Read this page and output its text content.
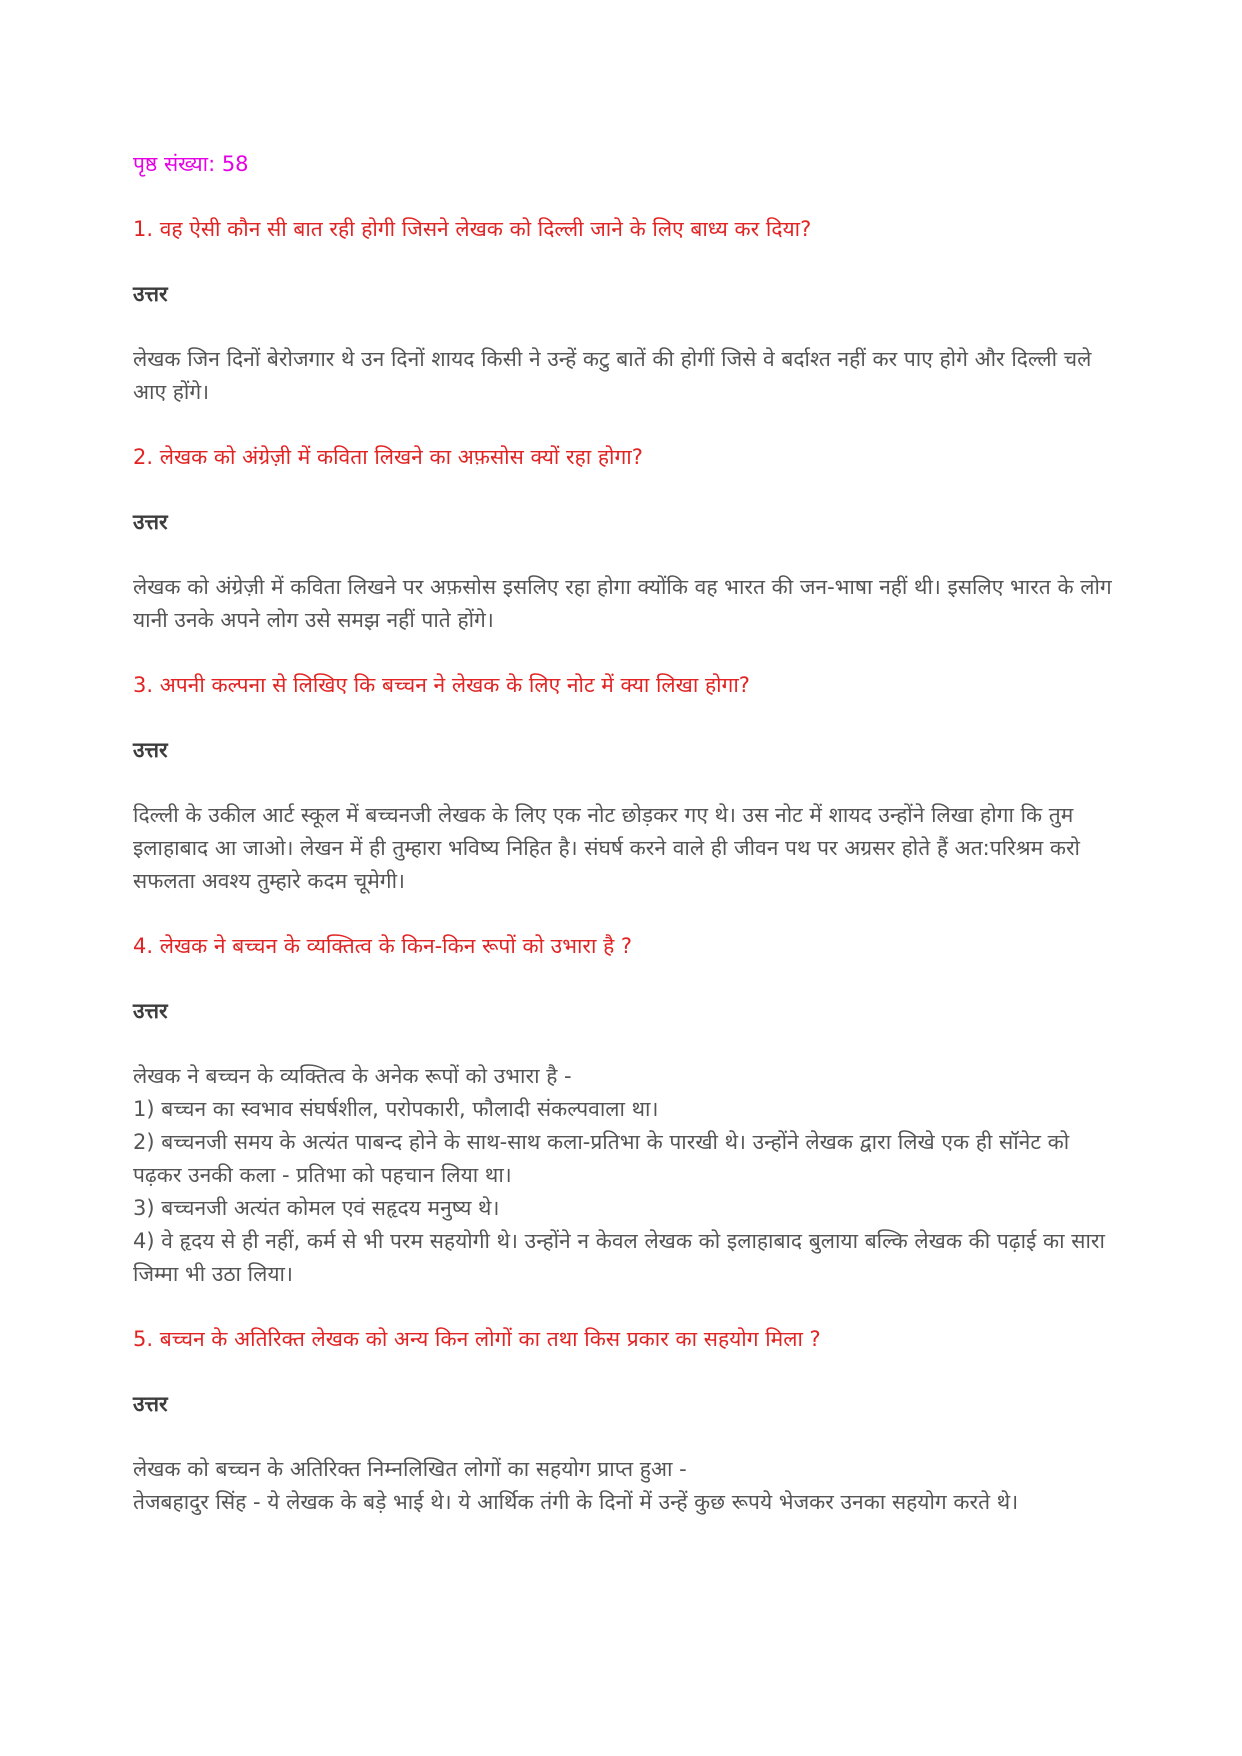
पृष्ठ संख्या: 58

1. वह ऐसी कौन सी बात रही होगी जिसने लेखक को दिल्ली जाने के लिए बाध्य कर दिया?

उत्तर

लेखक जिन दिनों बेरोजगार थे उन दिनों शायद किसी ने उन्हें कटु बातें की होगीं जिसे वे बर्दाश्त नहीं कर पाए होगे और दिल्ली चले आए होंगे।

2. लेखक को अंग्रेज़ी में कविता लिखने का अफ़सोस क्यों रहा होगा?

उत्तर

लेखक को अंग्रेज़ी में कविता लिखने पर अफ़सोस इसलिए रहा होगा क्योंकि वह भारत की जन-भाषा नहीं थी। इसलिए भारत के लोग यानी उनके अपने लोग उसे समझ नहीं पाते होंगे।

3. अपनी कल्पना से लिखिए कि बच्चन ने लेखक के लिए नोट में क्या लिखा होगा?

उत्तर

दिल्ली के उकील आर्ट स्कूल में बच्चनजी लेखक के लिए एक नोट छोड़कर गए थे। उस नोट में शायद उन्होंने लिखा होगा कि तुम इलाहाबाद आ जाओ। लेखन में ही तुम्हारा भविष्य निहित है। संघर्ष करने वाले ही जीवन पथ पर अग्रसर होते हैं अत:परिश्रम करो सफलता अवश्य तुम्हारे कदम चूमेगी।

4. लेखक ने बच्चन के व्यक्तित्व के किन-किन रूपों को उभारा है ?

उत्तर

लेखक ने बच्चन के व्यक्तित्व के अनेक रूपों को उभारा है -
1) बच्चन का स्वभाव संघर्षशील, परोपकारी, फौलादी संकल्पवाला था।
2) बच्चनजी समय के अत्यंत पाबन्द होने के साथ-साथ कला-प्रतिभा के पारखी थे। उन्होंने लेखक द्वारा लिखे एक ही सॉनेट को पढ़कर उनकी कला - प्रतिभा को पहचान लिया था।
3) बच्चनजी अत्यंत कोमल एवं सहृदय मनुष्य थे।
4) वे हृदय से ही नहीं, कर्म से भी परम सहयोगी थे। उन्होंने न केवल लेखक को इलाहाबाद बुलाया बल्कि लेखक की पढ़ाई का सारा जिम्मा भी उठा लिया।

5. बच्चन के अतिरिक्त लेखक को अन्य किन लोगों का तथा किस प्रकार का सहयोग मिला ?

उत्तर

लेखक को बच्चन के अतिरिक्त निम्नलिखित लोगों का सहयोग प्राप्त हुआ -
तेजबहादुर सिंह - ये लेखक के बड़े भाई थे। ये आर्थिक तंगी के दिनों में उन्हें कुछ रूपये भेजकर उनका सहयोग करते थे।
